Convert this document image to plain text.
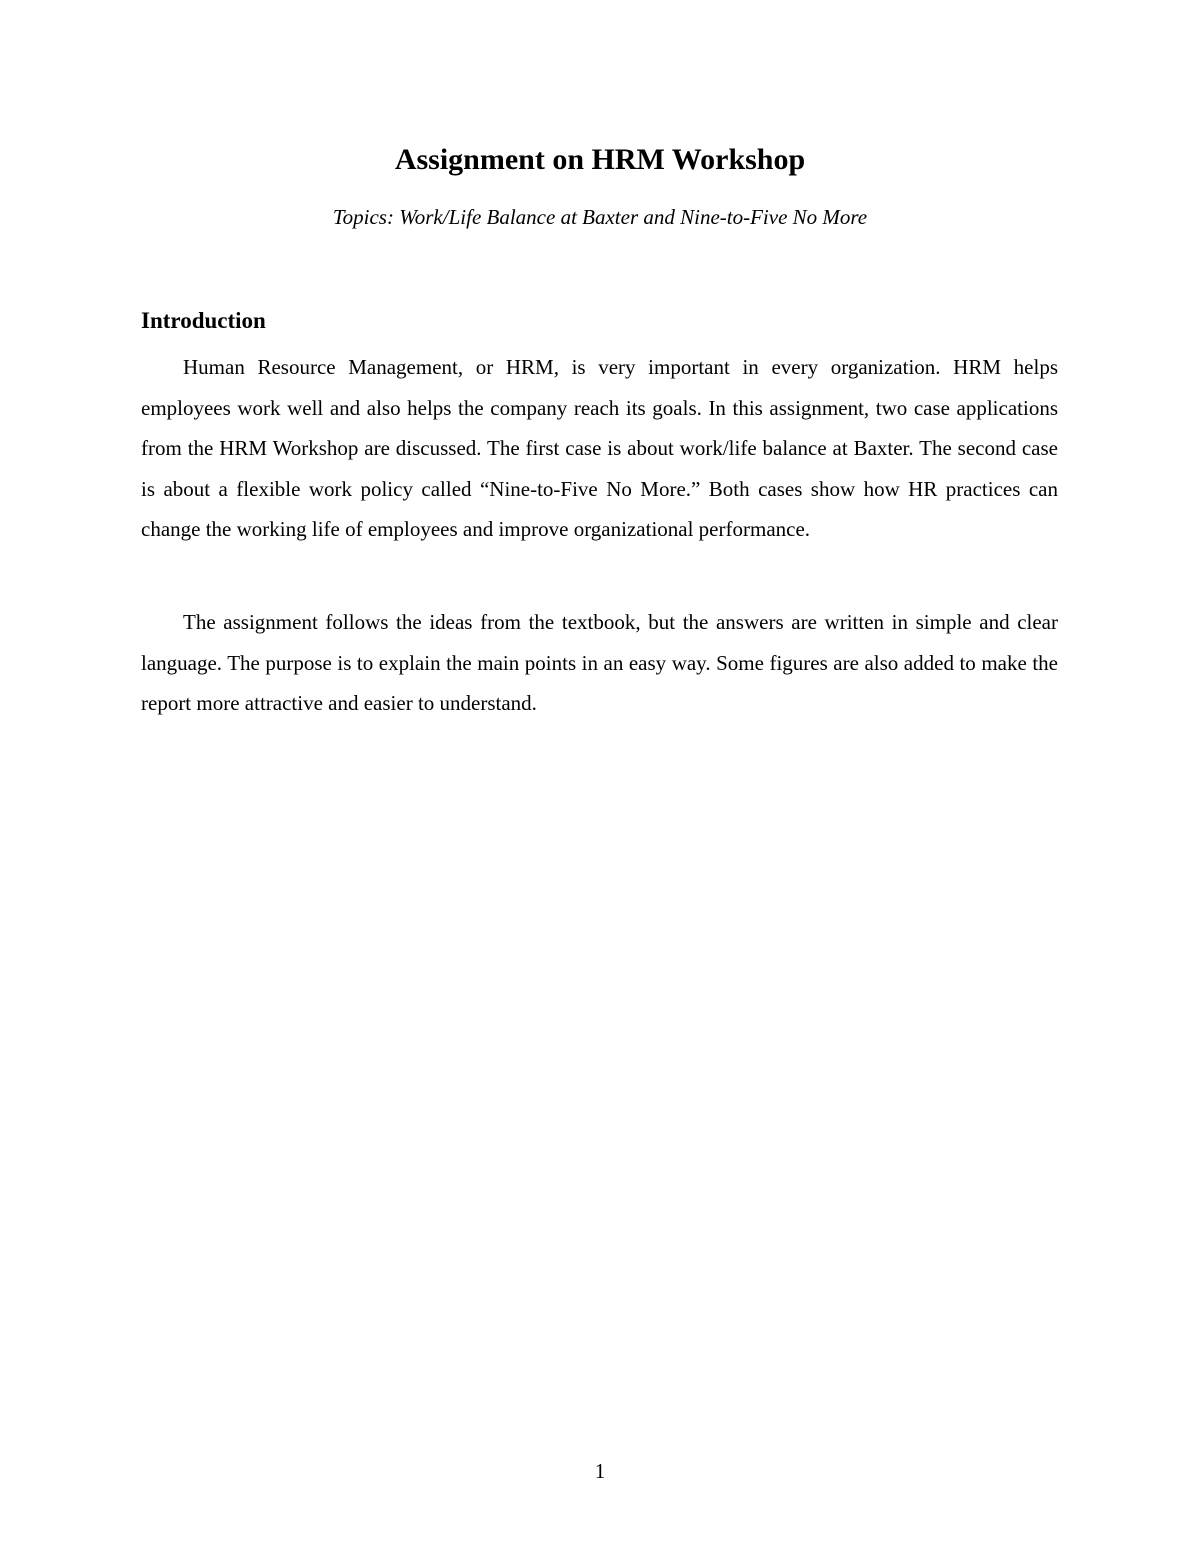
Assignment on HRM Workshop

Topics: Work/Life Balance at Baxter and Nine-to-Five No More

Introduction

Human Resource Management, or HRM, is very important in every organization. HRM helps employees work well and also helps the company reach its goals. In this assignment, two case applications from the HRM Workshop are discussed. The first case is about work/life balance at Baxter. The second case is about a flexible work policy called “Nine-to-Five No More.” Both cases show how HR practices can change the working life of employees and improve organizational performance.

The assignment follows the ideas from the textbook, but the answers are written in simple and clear language. The purpose is to explain the main points in an easy way. Some figures are also added to make the report more attractive and easier to understand.

1
